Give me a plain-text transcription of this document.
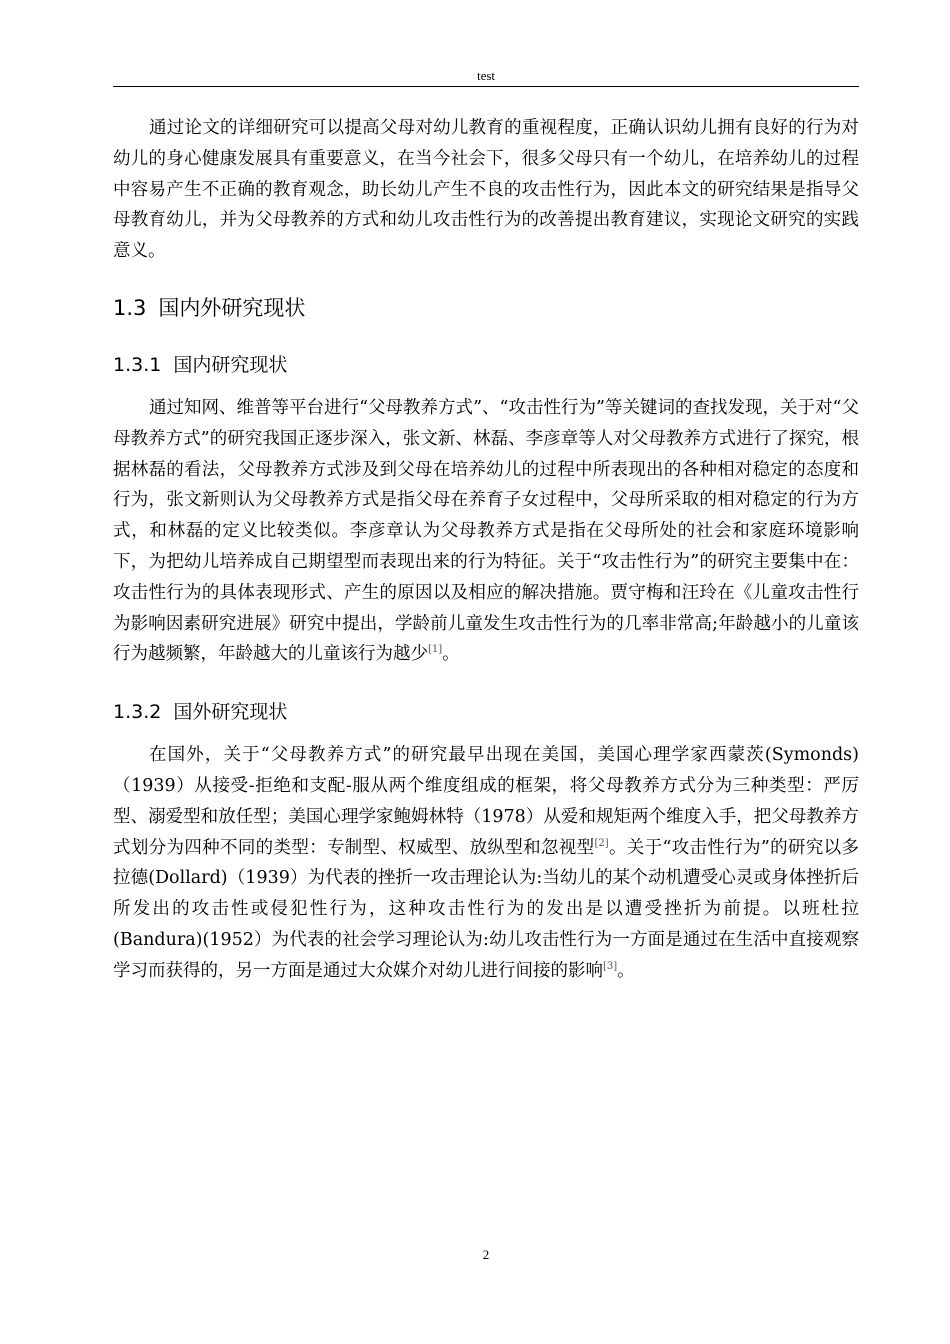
test

通过论文的详细研究可以提高父母对幼儿教育的重视程度，正确认识幼儿拥有良好的行为对幼儿的身心健康发展具有重要意义，在当今社会下，很多父母只有一个幼儿，在培养幼儿的过程中容易产生不正确的教育观念，助长幼儿产生不良的攻击性行为，因此本文的研究结果是指导父母教育幼儿，并为父母教养的方式和幼儿攻击性行为的改善提出教育建议，实现论文研究的实践意义。

1.3 国内外研究现状
1.3.1 国内研究现状

通过知网、维普等平台进行“父母教养方式”、“攻击性行为”等关键词的查找发现，关于对“父母教养方式”的研究我国正逐步深入，张文新、林磊、李彦章等人对父母教养方式进行了探究，根据林磊的看法，父母教养方式涉及到父母在培养幼儿的过程中所表现出的各种相对稳定的态度和行为，张文新则认为父母教养方式是指父母在养育子女过程中，父母所采取的相对稳定的行为方式，和林磊的定义比较类似。李彦章认为父母教养方式是指在父母所处的社会和家庭环境影响下，为把幼儿培养成自己期望型而表现出来的行为特征。关于“攻击性行为”的研究主要集中在：攻击性行为的具体表现形式、产生的原因以及相应的解决措施。贾守梅和汪玲在《儿童攻击性行为影响因素研究进展》研究中提出，学龄前儿童发生攻击性行为的几率非常高;年龄越小的儿童该行为越频繁，年龄越大的儿童该行为越少[1]。

1.3.2 国外研究现状

在国外，关于“父母教养方式”的研究最早出现在美国，美国心理学家西蒙茨(Symonds)（1939）从接受-拒绝和支配-服从两个维度组成的框架，将父母教养方式分为三种类型：严厉型、溺爱型和放任型；美国心理学家鲍姆林特（1978）从爱和规矩两个维度入手，把父母教养方式划分为四种不同的类型：专制型、权威型、放纵型和忽视型[2]。关于“攻击性行为”的研究以多拉德(Dollard)（1939）为代表的挫折一攻击理论认为:当幼儿的某个动机遭受心灵或身体挫折后所发出的攻击性或侵犯性行为，这种攻击性行为的发出是以遭受挫折为前提。以班杜拉(Bandura)(1952）为代表的社会学习理论认为:幼儿攻击性行为一方面是通过在生活中直接观察学习而获得的，另一方面是通过大众媒介对幼儿进行间接的影响[3]。

2
